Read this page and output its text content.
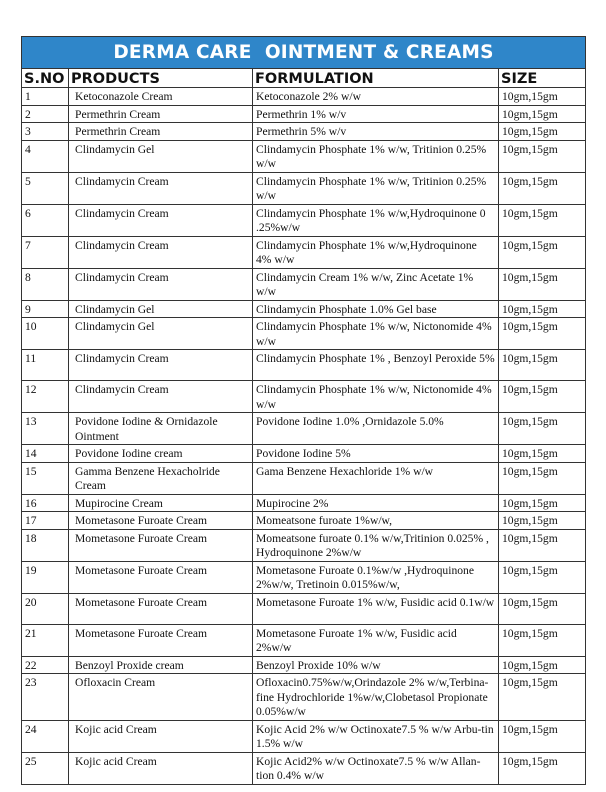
DERMA CARE  OINTMENT & CREAMS			
S.NO	PRODUCTS	FORMULATION	SIZE
1	Ketoconazole Cream	Ketoconazole 2% w/w	10gm,15gm
2	Permethrin Cream	Permethrin 1% w/v	10gm,15gm
3	Permethrin Cream	Permethrin 5% w/v	10gm,15gm
4	Clindamycin Gel	Clindamycin Phosphate 1% w/w, Tritinion 0.25% w/w	10gm,15gm
5	Clindamycin Cream	Clindamycin Phosphate 1% w/w, Tritinion 0.25% w/w	10gm,15gm
6	Clindamycin Cream	Clindamycin Phosphate 1% w/w,Hydroquinone 0 .25%w/w	10gm,15gm
7	Clindamycin Cream	Clindamycin Phosphate 1% w/w,Hydroquinone 4% w/w	10gm,15gm
8	Clindamycin Cream	Clindamycin Cream 1% w/w, Zinc Acetate 1% w/w	10gm,15gm
9	Clindamycin Gel	Clindamycin Phosphate 1.0% Gel base	10gm,15gm
10	Clindamycin Gel	Clindamycin Phosphate 1% w/w, Nictonomide 4% w/w	10gm,15gm
11	Clindamycin Cream	Clindamycin Phosphate 1% , Benzoyl Peroxide 5%	10gm,15gm
12	Clindamycin Cream	Clindamycin Phosphate 1% w/w, Nictonomide 4% w/w	10gm,15gm
13	Povidone Iodine & Ornidazole Ointment	Povidone Iodine 1.0% ,Ornidazole 5.0%	10gm,15gm
14	Povidone Iodine cream	Povidone Iodine 5%	10gm,15gm
15	Gamma Benzene Hexacholride Cream	Gama Benzene Hexachloride 1% w/w	10gm,15gm
16	Mupirocine Cream	Mupirocine 2%	10gm,15gm
17	Mometasone Furoate Cream	Momeatsone furoate 1%w/w,	10gm,15gm
18	Mometasone Furoate Cream	Momeatsone furoate 0.1% w/w,Tritinion 0.025% , Hydroquinone 2%w/w	10gm,15gm
19	Mometasone Furoate Cream	Mometasone Furoate 0.1%w/w ,Hydroquinone 2%w/w, Tretinoin 0.015%w/w,	10gm,15gm
20	Mometasone Furoate Cream	Mometasone Furoate 1% w/w, Fusidic acid 0.1w/w	10gm,15gm
21	Mometasone Furoate Cream	Mometasone Furoate 1% w/w, Fusidic acid 2%w/w	10gm,15gm
22	Benzoyl Proxide cream	Benzoyl Proxide 10% w/w	10gm,15gm
23	Ofloxacin Cream	Ofloxacin0.75%w/w,Orindazole 2% w/w,Terbina-fine Hydrochloride 1%w/w,Clobetasol Propionate 0.05%w/w	10gm,15gm
24	Kojic acid Cream	Kojic Acid 2% w/w Octinoxate7.5 % w/w Arbu-tin 1.5% w/w	10gm,15gm
25	Kojic acid Cream	Kojic Acid2% w/w Octinoxate7.5 % w/w Allan-tion 0.4% w/w	10gm,15gm
